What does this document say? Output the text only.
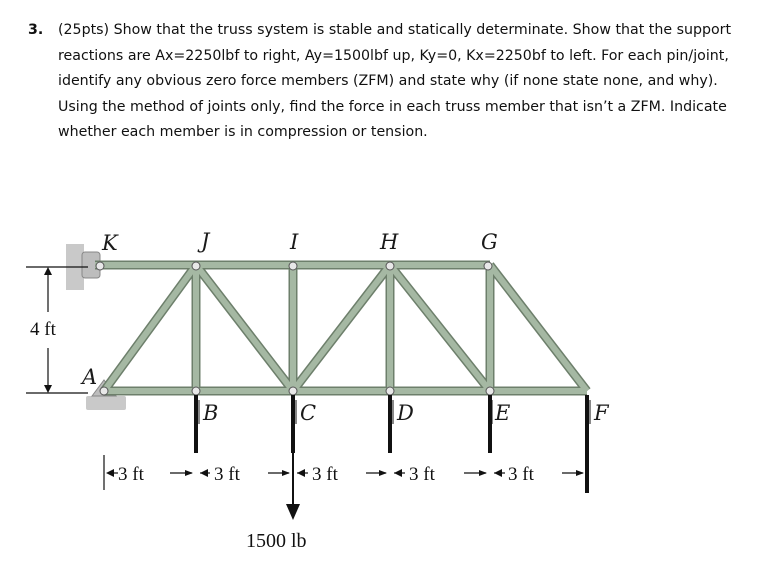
3. (25pts) Show that the truss system is stable and statically determinate. Show that the support reactions are Ax=2250lbf to right, Ay=1500lbf up, Ky=0, Kx=2250bf to left. For each pin/joint, identify any obvious zero force members (ZFM) and state why (if none state none, and why). Using the method of joints only, find the force in each truss member that isn’t a ZFM. Indicate whether each member is in compression or tension.
1500 lb
4 ft
3 ft	3 ft	3 ft	3 ft	3 ft
K	J	I	H	G
A
B	C	D	E	F
